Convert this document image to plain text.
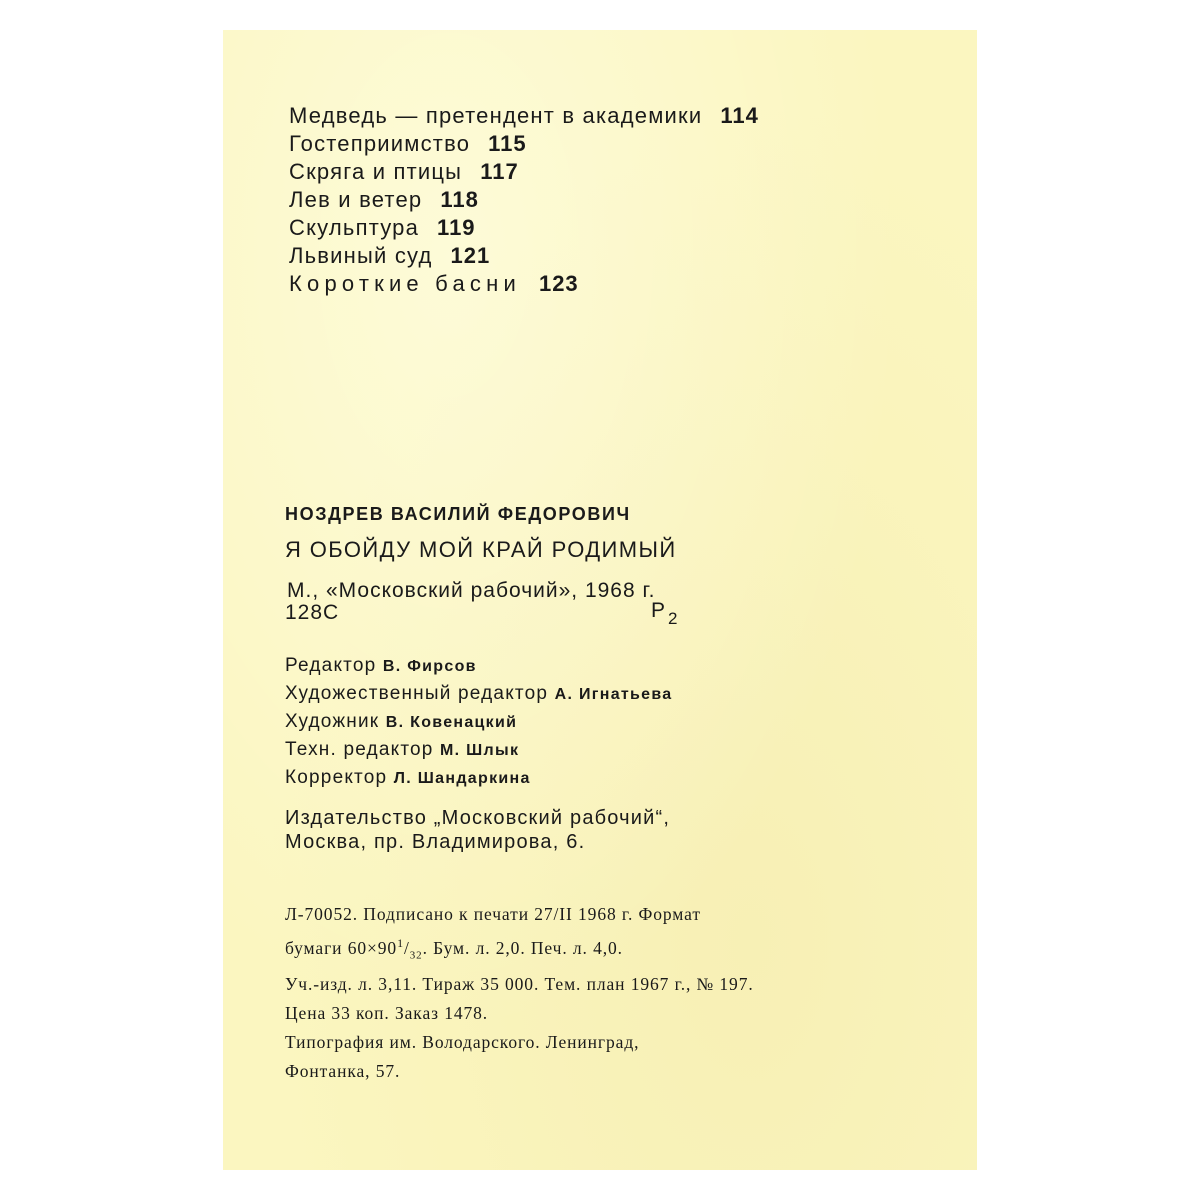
Медведь — претендент в академики 114
Гостеприимство 115
Скряга и птицы 117
Лев и ветер 118
Скульптура 119
Львиный суд 121
Короткие басни 123
НОЗДРЕВ ВАСИЛИЙ ФЕДОРОВИЧ
Я ОБОЙДУ МОЙ КРАЙ РОДИМЫЙ
М., «Московский рабочий», 1968 г.
128С	Р $_2$
Редактор В. Фирсов
Художественный редактор А. Игнатьева
Художник В. Ковенацкий
Техн. редактор М. Шлык
Корректор Л. Шандаркина
Издательство „Московский рабочий“,
Москва, пр. Владимирова, 6.
Л-70052. Подписано к печати 27/II 1968 г. Формат
бумаги $60\times 90^1/_{32}$. Бум. л. 2,0. Печ. л. 4,0.
Уч.-изд. л. 3,11. Тираж 35 000. Тем. план 1967 г., № 197.
Цена 33 коп. Заказ 1478.
Типография им. Володарского. Ленинград,
Фонтанка, 57.
